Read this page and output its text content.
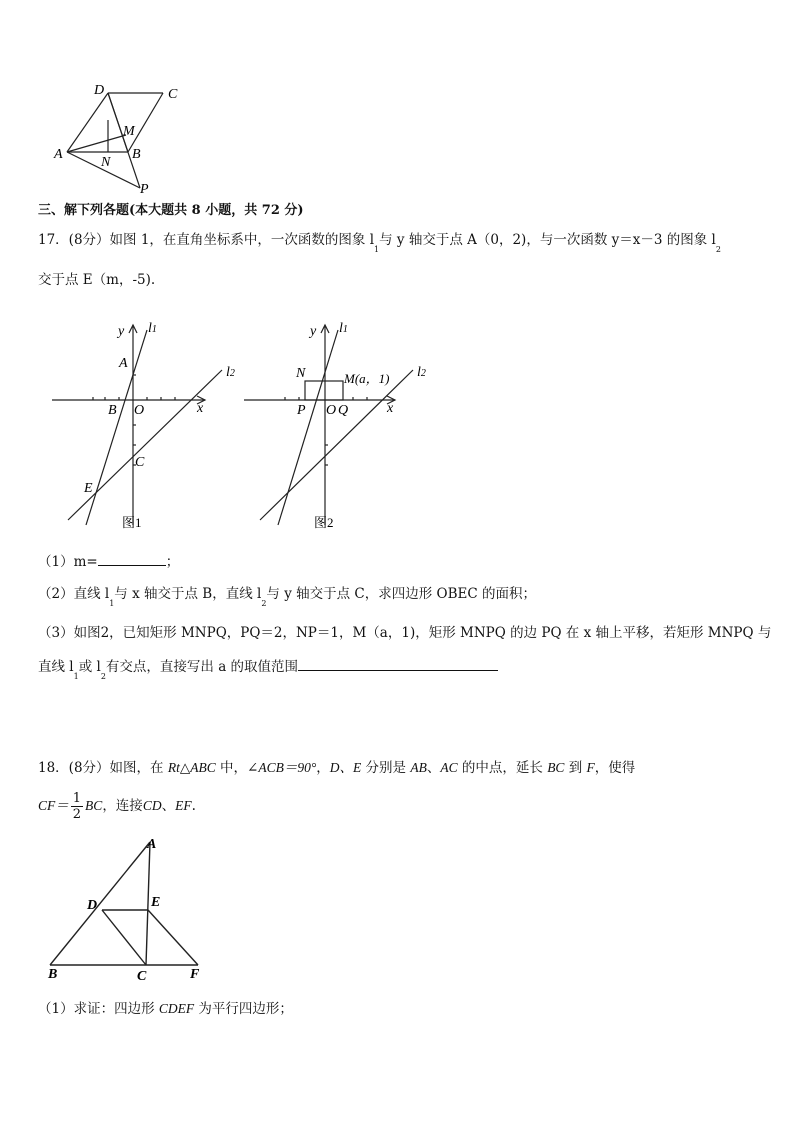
D	C
M
A
N
B
P
三、解下列各题(本大题共 8 小题，共 72 分)
17．(8分）如图 1，在直角坐标系中，一次函数的图象 $l_1$与 y 轴交于点 A（0，2)，与一次函数 y＝x－3 的图象 $l_2$
交于点 E（m，-5).
y l1
l2
A
B O	x
C
E
图1
y l1
l2
N	M(a，1)
P O Q	x
图2
（1）m=	；
（2）直线 $l_1$与 x 轴交于点 B，直线 $l_2$与 y 轴交于点 C，求四边形 OBEC 的面积；
（3）如图2，已知矩形 MNPQ，PQ＝2，NP＝1，M（a，1)，矩形 MNPQ 的边 PQ 在 x 轴上平移，若矩形 MNPQ 与
直线 $l_1$或 $l_2$有交点，直接写出 a 的取值范围
18．(8分）如图，在 Rt△ABC 中，∠ACB＝90°，D、E 分别是 AB、AC 的中点，延长 BC 到 F，使得
$CF= \frac{1}{2}$ BC ，连接 CD 、 EF .
A
D	E
B	C	F
（1）求证：四边形 CDEF 为平行四边形；
